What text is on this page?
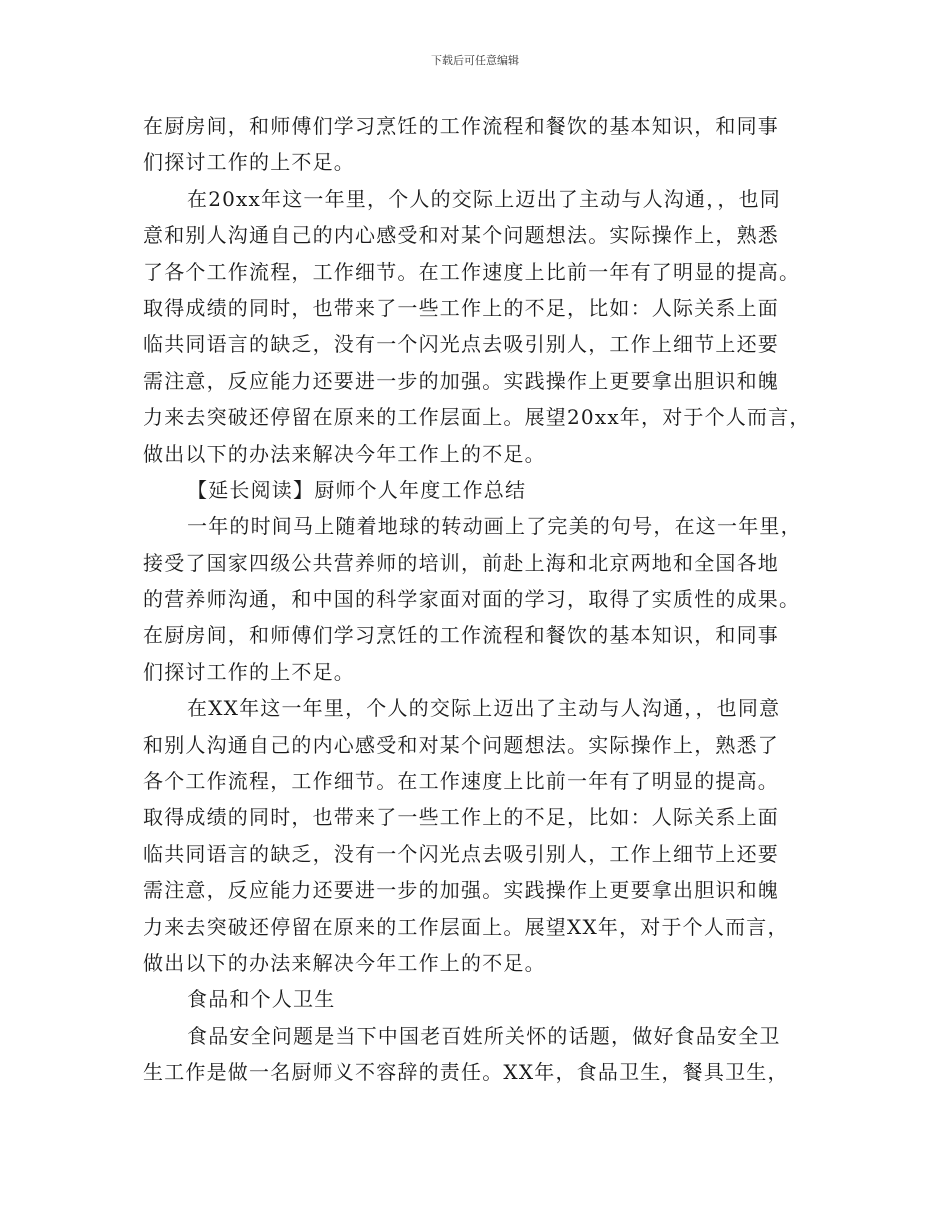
下载后可任意编辑
在厨房间，和师傅们学习烹饪的工作流程和餐饮的基本知识，和同事
们探讨工作的上不足。
在20xx年这一年里，个人的交际上迈出了主动与人沟通，，也同
意和别人沟通自己的内心感受和对某个问题想法。实际操作上，熟悉
了各个工作流程，工作细节。在工作速度上比前一年有了明显的提高。
取得成绩的同时，也带来了一些工作上的不足，比如：人际关系上面
临共同语言的缺乏，没有一个闪光点去吸引别人，工作上细节上还要
需注意，反应能力还要进一步的加强。实践操作上更要拿出胆识和魄
力来去突破还停留在原来的工作层面上。展望20xx年，对于个人而言，
做出以下的办法来解决今年工作上的不足。
【延长阅读】厨师个人年度工作总结
一年的时间马上随着地球的转动画上了完美的句号，在这一年里，
接受了国家四级公共营养师的培训，前赴上海和北京两地和全国各地
的营养师沟通，和中国的科学家面对面的学习，取得了实质性的成果。
在厨房间，和师傅们学习烹饪的工作流程和餐饮的基本知识，和同事
们探讨工作的上不足。
在XX年这一年里，个人的交际上迈出了主动与人沟通，，也同意
和别人沟通自己的内心感受和对某个问题想法。实际操作上，熟悉了
各个工作流程，工作细节。在工作速度上比前一年有了明显的提高。
取得成绩的同时，也带来了一些工作上的不足，比如：人际关系上面
临共同语言的缺乏，没有一个闪光点去吸引别人，工作上细节上还要
需注意，反应能力还要进一步的加强。实践操作上更要拿出胆识和魄
力来去突破还停留在原来的工作层面上。展望XX年，对于个人而言，
做出以下的办法来解决今年工作上的不足。
食品和个人卫生
食品安全问题是当下中国老百姓所关怀的话题，做好食品安全卫
生工作是做一名厨师义不容辞的责任。XX年，食品卫生，餐具卫生，
